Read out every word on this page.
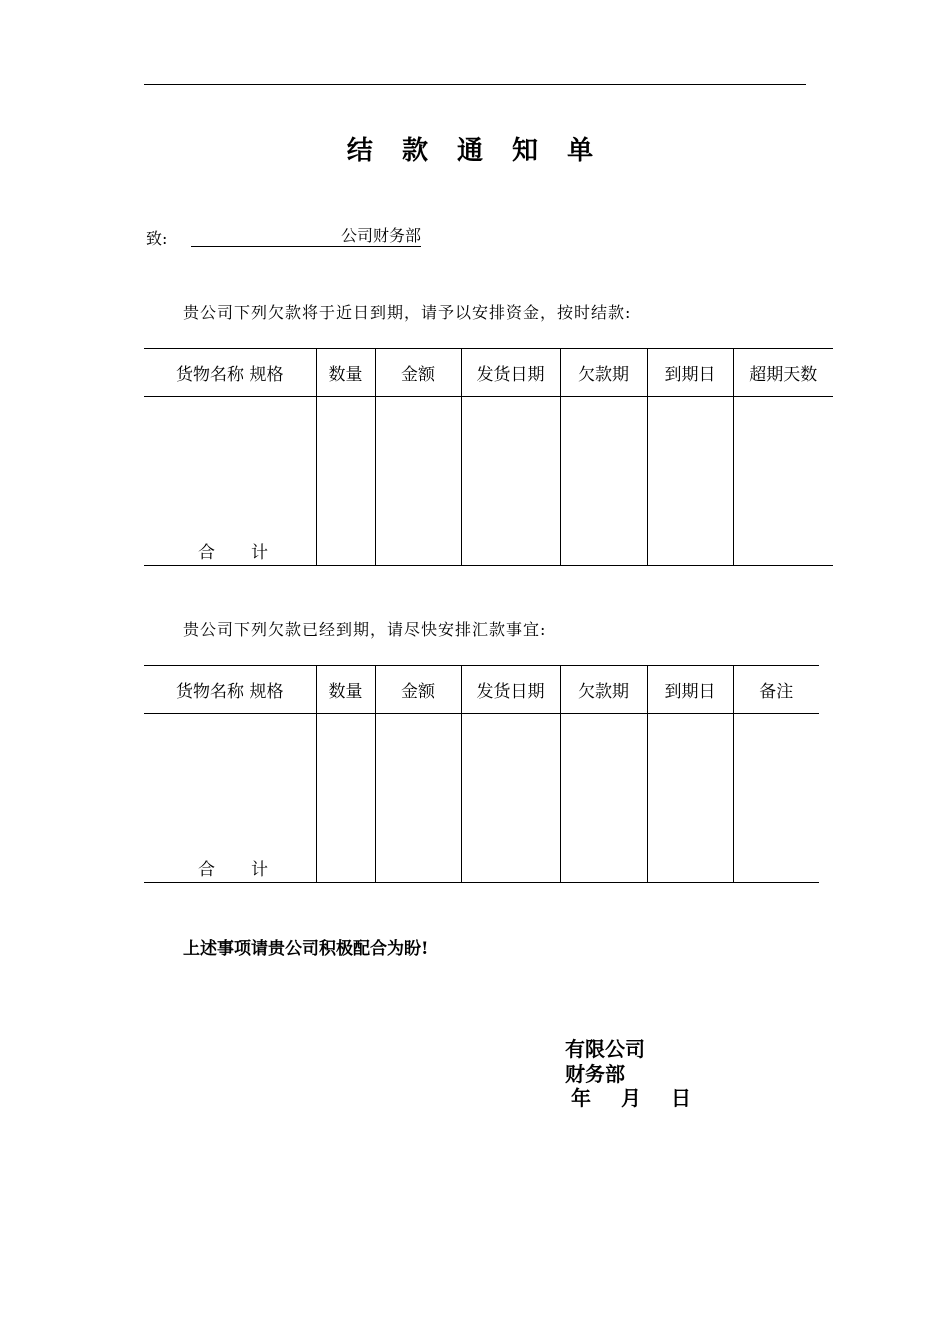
结 款 通 知 单
致:	公司财务部
贵公司下列欠款将于近日到期，请予以安排资金，按时结款:
货物名称 规格	数量	金额	发货日期	欠款期	到期日	超期天数

合 计						

贵公司下列欠款已经到期，请尽快安排汇款事宜:
货物名称 规格	数量	金额	发货日期	欠款期	到期日	备注

合 计						

上述事项请贵公司积极配合为盼!
有限公司
财务部
年 月 日
